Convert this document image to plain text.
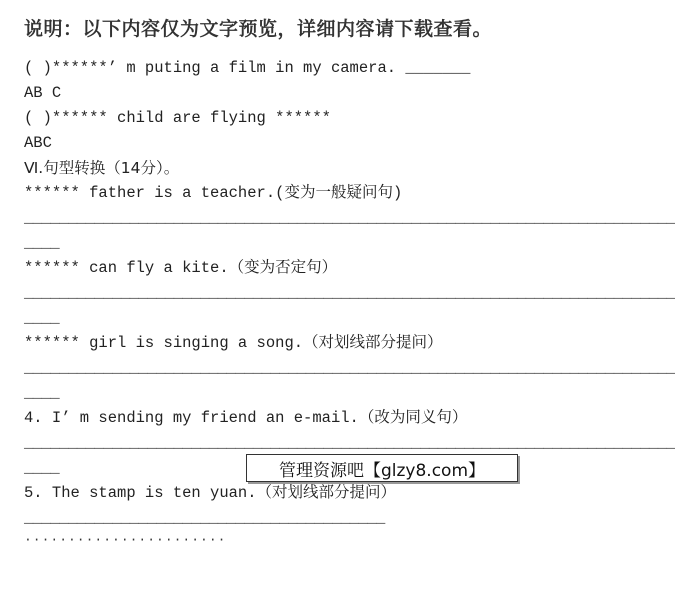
说明：以下内容仅为文字预览，详细内容请下载查看。
( )******’ m puting a film in my camera. _______
AB C
( )****** child are flying ******
ABC
Ⅵ.句型转换（14分）。
****** father is a teacher.(变为一般疑问句)
__________________________________________________________________________
____
****** can fly a kite.（变为否定句）
__________________________________________________________________________
____
****** girl is singing a song.（对划线部分提问）
__________________________________________________________________________
____
4. I’ m sending my friend an e-mail.（改为同义句）
__________________________________________________________________________
____
5. The stamp is ten yuan.（对划线部分提问）
_________________________________________
·······················
管理资源吧【glzy8.com】
